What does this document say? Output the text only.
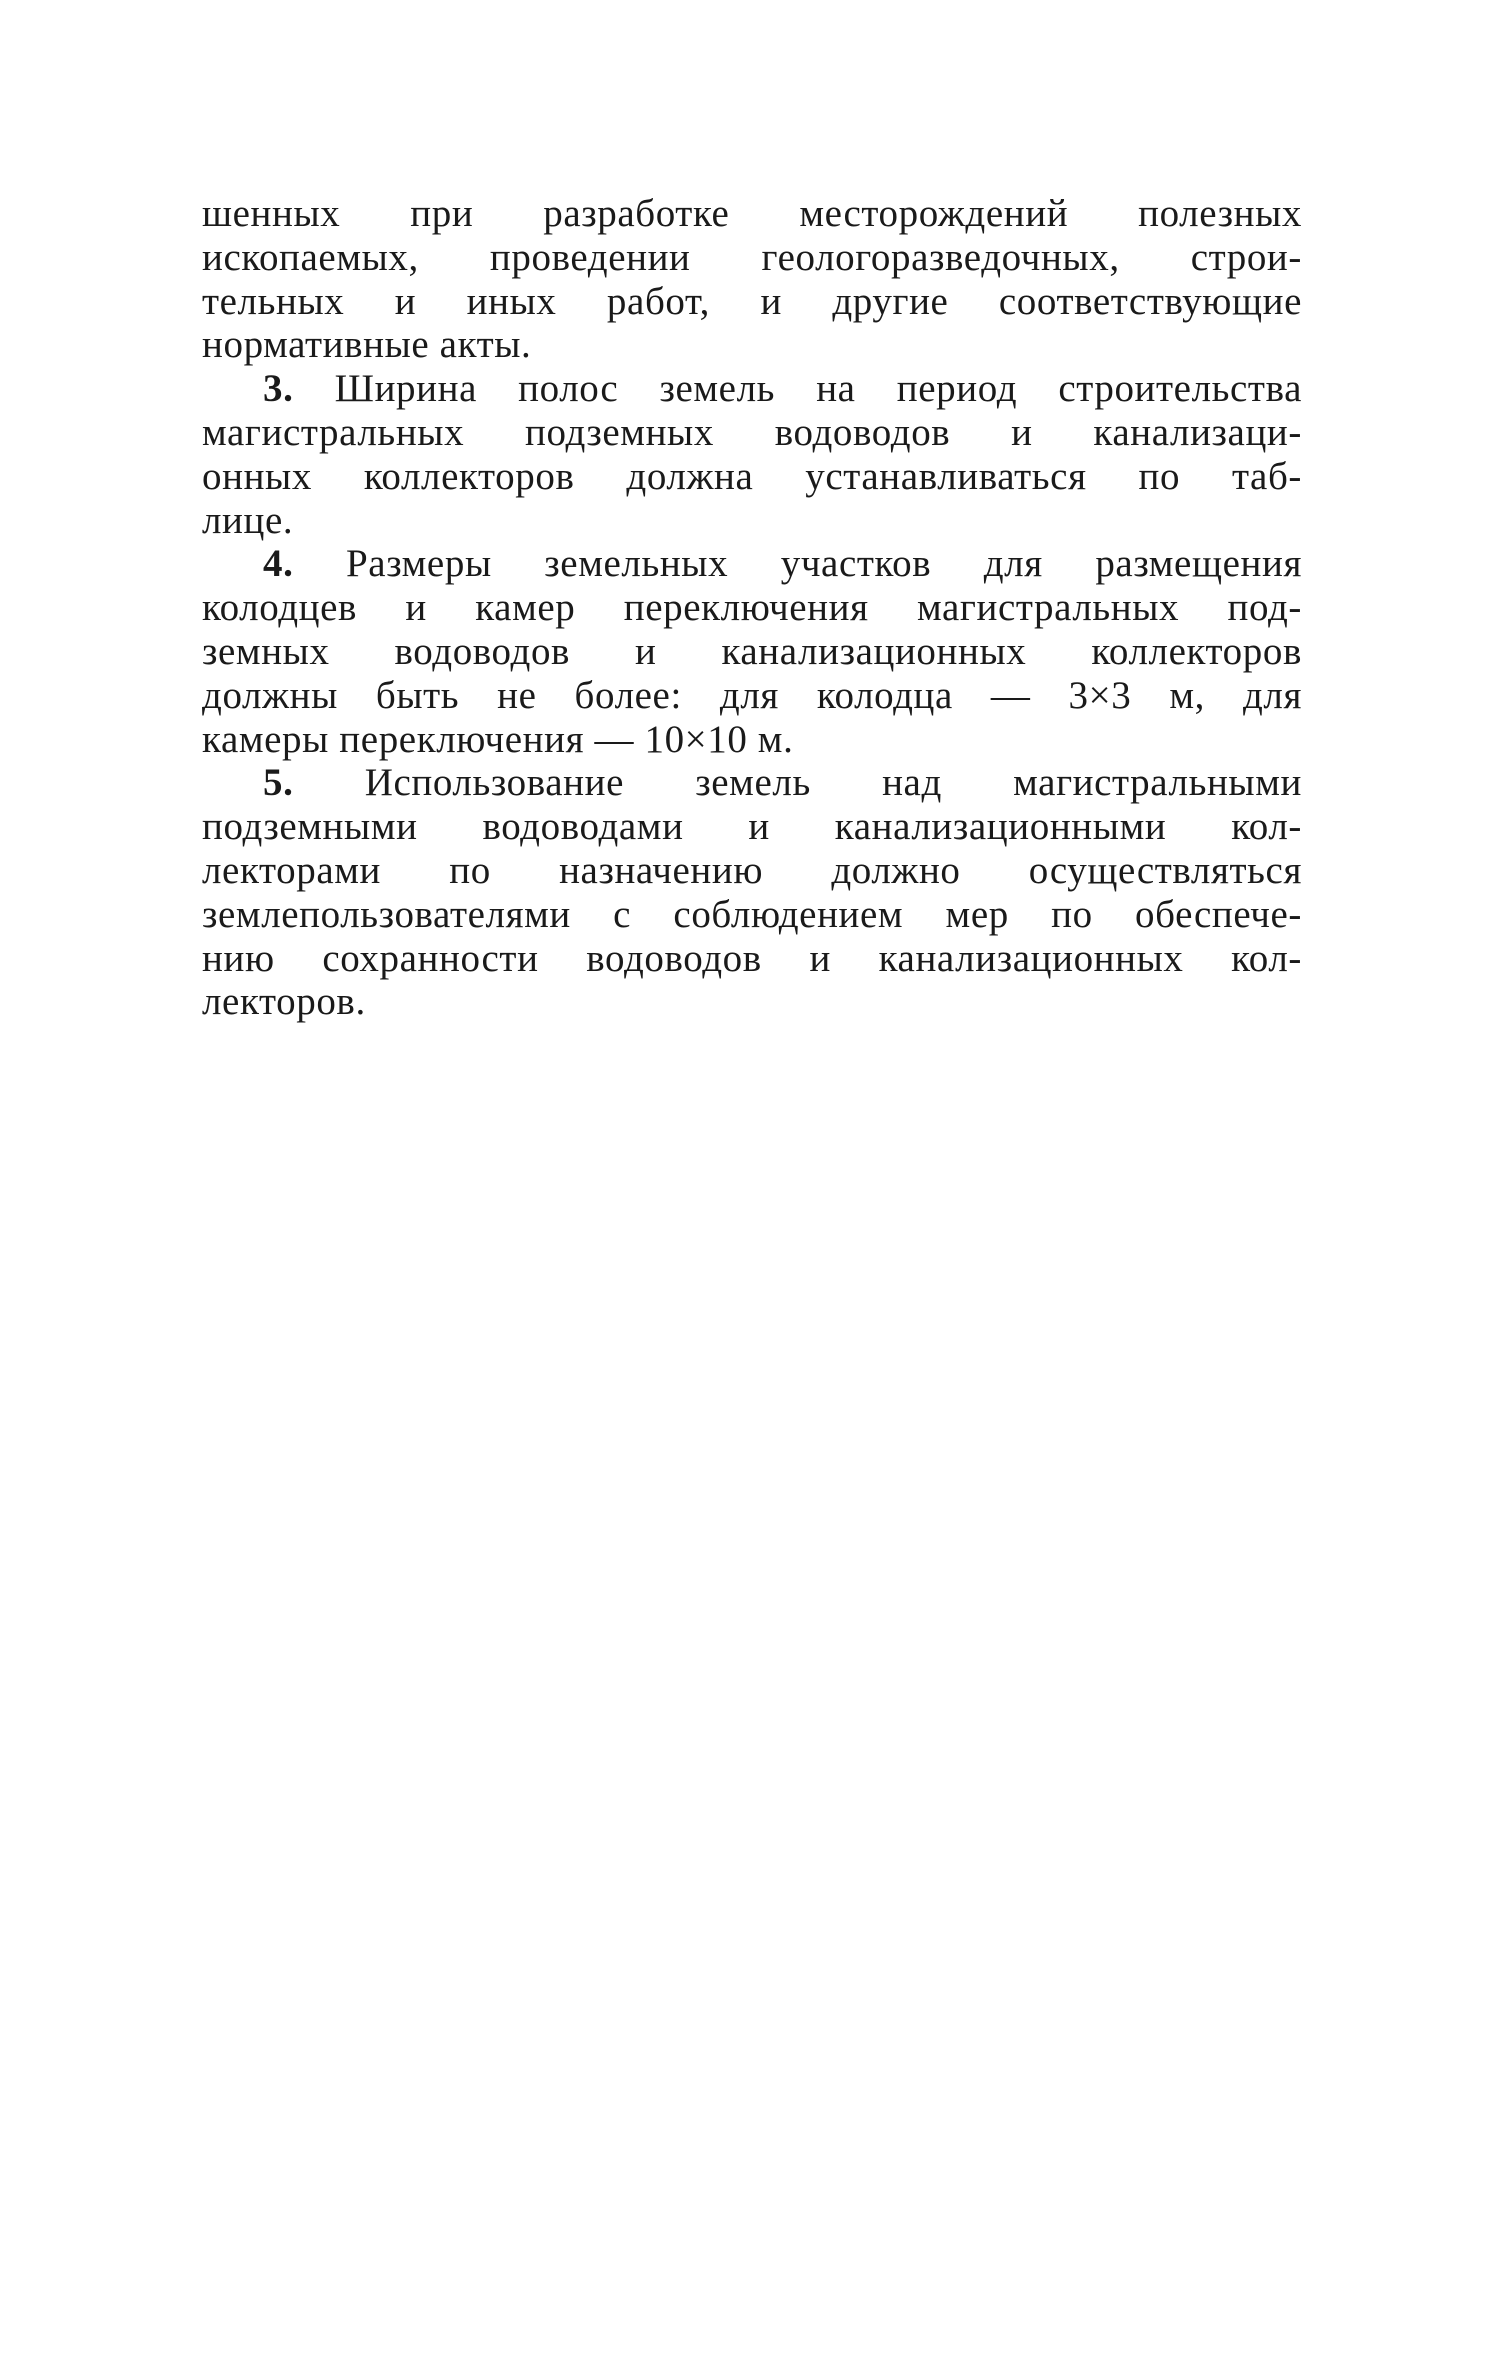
шенных при разработке месторождений полезных
ископаемых, проведении геологоразведочных, строи-
тельных и иных работ, и другие соответствующие
нормативные акты.
3. Ширина полос земель на период строительства
магистральных подземных водоводов и канализаци-
онных коллекторов должна устанавливаться по таб-
лице.
4. Размеры земельных участков для размещения
колодцев и камер переключения магистральных под-
земных водоводов и канализационных коллекторов
должны быть не более: для колодца — 3×3 м, для
камеры переключения — 10×10 м.
5. Использование земель над магистральными
подземными водоводами и канализационными кол-
лекторами по назначению должно осуществляться
землепользователями с соблюдением мер по обеспече-
нию сохранности водоводов и канализационных кол-
лекторов.
